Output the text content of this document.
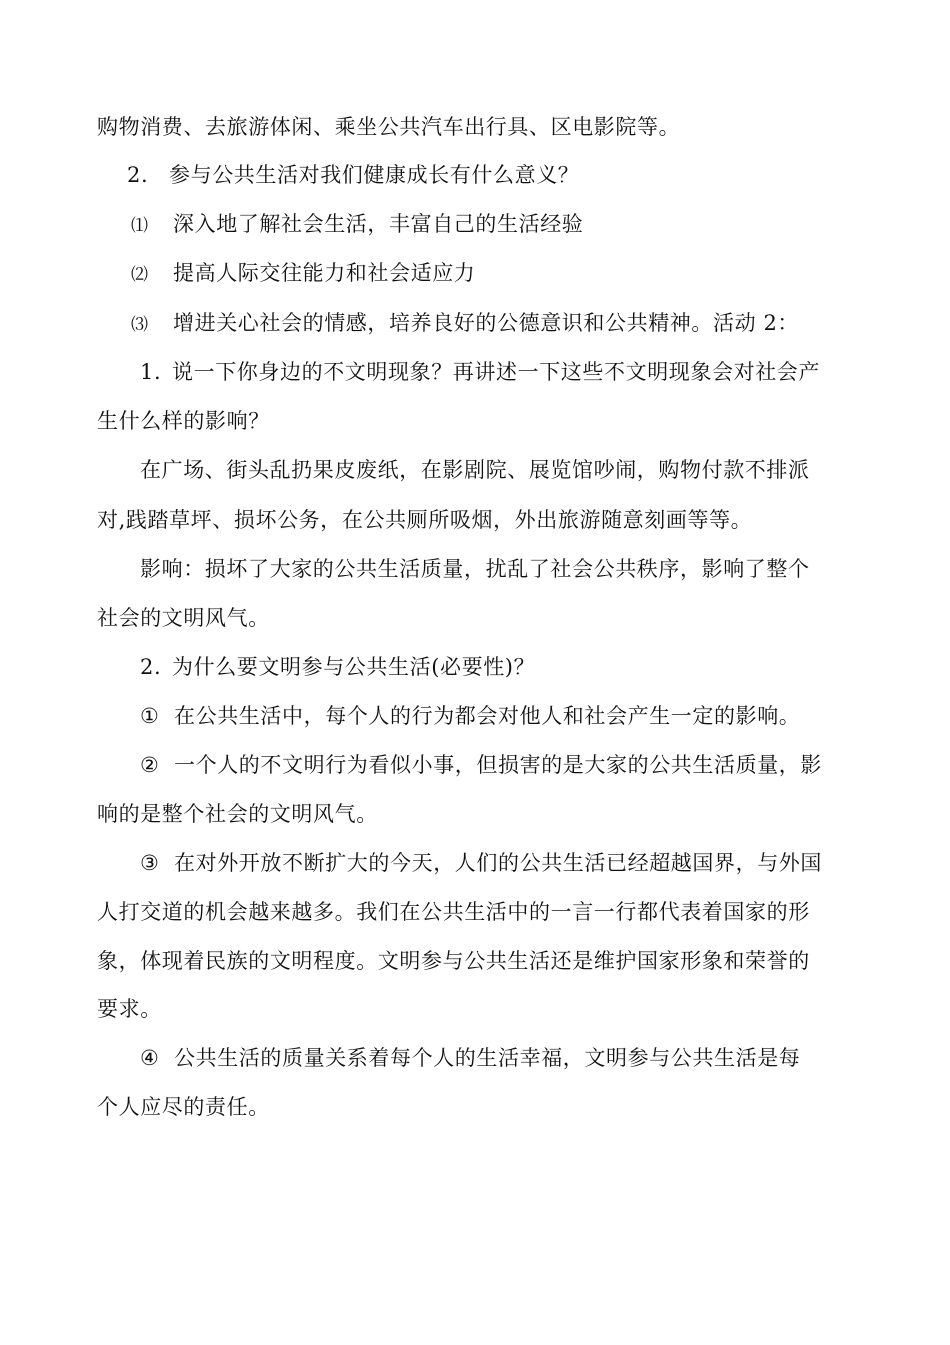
购物消费、去旅游体闲、乘坐公共汽车出行具、区电影院等。
2. 参与公共生活对我们健康成长有什么意义？
⑴ 深入地了解社会生活，丰富自己的生活经验
⑵ 提高人际交往能力和社会适应力
⑶ 增进关心社会的情感，培养良好的公德意识和公共精神。活动 2：
1. 说一下你身边的不文明现象？再讲述一下这些不文明现象会对社会产
生什么样的影响？
在广场、街头乱扔果皮废纸，在影剧院、展览馆吵闹，购物付款不排派
对,践踏草坪、损坏公务，在公共厕所吸烟，外出旅游随意刻画等等。
影响：损坏了大家的公共生活质量，扰乱了社会公共秩序，影响了整个
社会的文明风气。
2. 为什么要文明参与公共生活(必要性)？
① 在公共生活中，每个人的行为都会对他人和社会产生一定的影响。
② 一个人的不文明行为看似小事，但损害的是大家的公共生活质量，影
响的是整个社会的文明风气。
③ 在对外开放不断扩大的今天，人们的公共生活已经超越国界，与外国
人打交道的机会越来越多。我们在公共生活中的一言一行都代表着国家的形
象，体现着民族的文明程度。文明参与公共生活还是维护国家形象和荣誉的
要求。
④ 公共生活的质量关系着每个人的生活幸福，文明参与公共生活是每
个人应尽的责任。
